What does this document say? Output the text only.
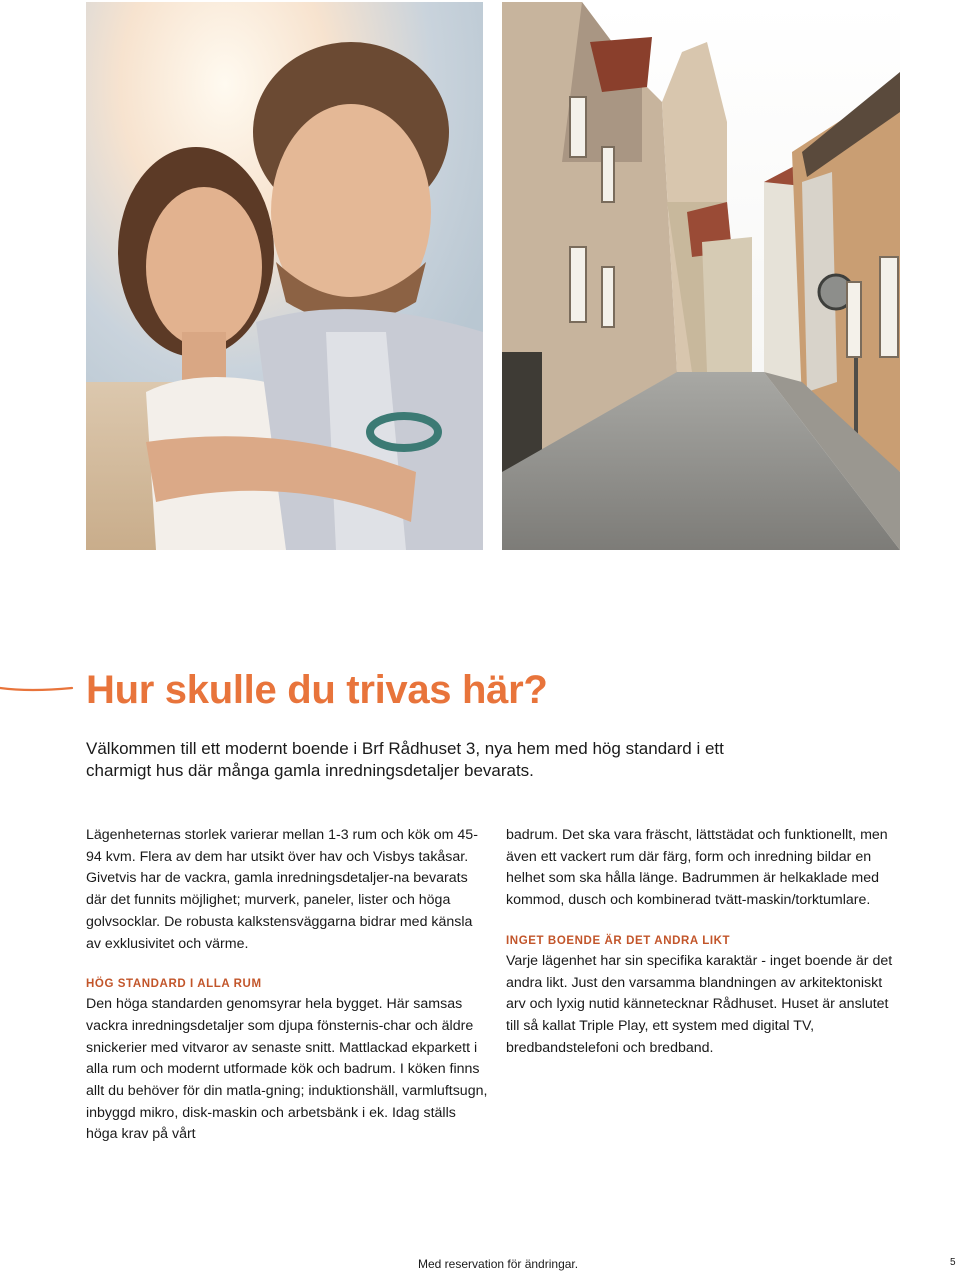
Hur skulle du trivas här?

Välkommen till ett modernt boende i Brf Rådhuset 3, nya hem med hög standard i ett charmigt hus där många gamla inredningsdetaljer bevarats.

Lägenheternas storlek varierar mellan 1-3 rum och kök om 45-94 kvm. Flera av dem har utsikt över hav och Visbys takåsar. Givetvis har de vackra, gamla inredningsdetaljer-na bevarats där det funnits möjlighet; murverk, paneler, lister och höga golvsocklar. De robusta kalkstensväggarna bidrar med känsla av exklusivitet och värme.

HÖG STANDARD I ALLA RUM

Den höga standarden genomsyrar hela bygget. Här samsas vackra inredningsdetaljer som djupa fönsternis-char och äldre snickerier med vitvaror av senaste snitt. Mattlackad ekparkett i alla rum och modernt utformade kök och badrum. I köken finns allt du behöver för din matla-gning; induktionshäll, varmluftsugn, inbyggd mikro, disk-maskin och arbetsbänk i ek. Idag ställs höga krav på vårt

badrum. Det ska vara fräscht, lättstädat och funktionellt, men även ett vackert rum där färg, form och inredning bildar en helhet som ska hålla länge. Badrummen är helkaklade med kommod, dusch och kombinerad tvätt-maskin/torktumlare.

INGET BOENDE ÄR DET ANDRA LIKT

Varje lägenhet har sin specifika karaktär - inget boende är det andra likt. Just den varsamma blandningen av arkitektoniskt arv och lyxig nutid kännetecknar Rådhuset. Huset är anslutet till så kallat Triple Play, ett system med digital TV, bredbandstelefoni och bredband.

Med reservation för ändringar.	5
